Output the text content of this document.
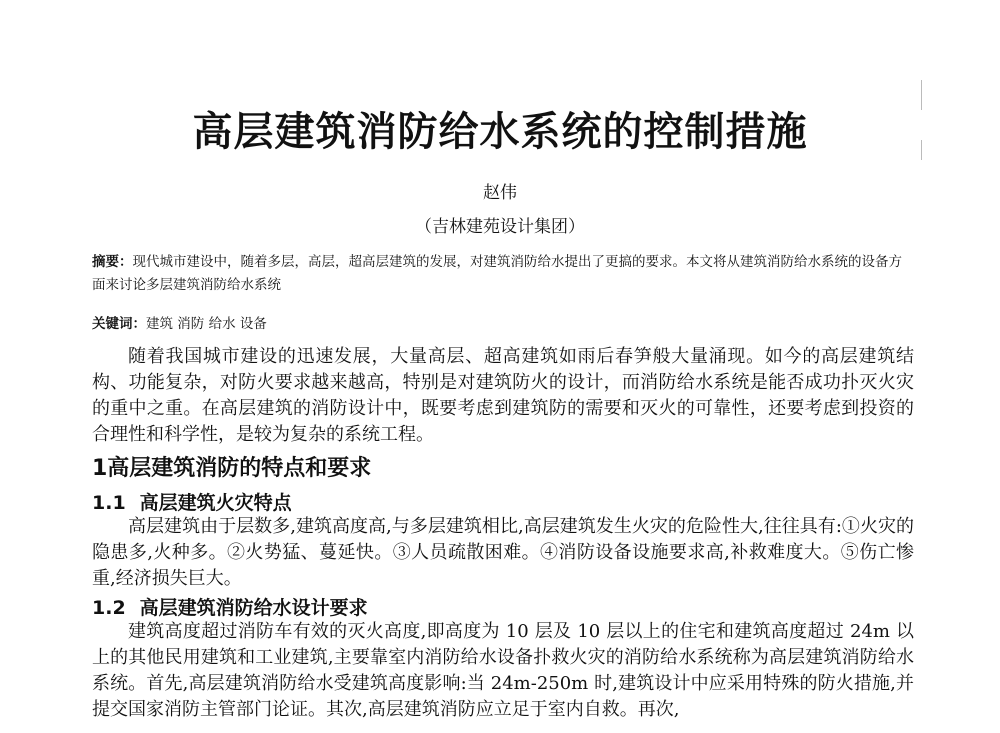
高层建筑消防给水系统的控制措施
赵伟
（吉林建苑设计集团）
摘要：现代城市建设中，随着多层，高层，超高层建筑的发展，对建筑消防给水提出了更搞的要求。本文将从建筑消防给水系统的设备方面来讨论多层建筑消防给水系统
关键词：建筑 消防 给水 设备
随着我国城市建设的迅速发展，大量高层、超高建筑如雨后春笋般大量涌现。如今的高层建筑结构、功能复杂，对防火要求越来越高，特别是对建筑防火的设计，而消防给水系统是能否成功扑灭火灾的重中之重。在高层建筑的消防设计中，既要考虑到建筑防的需要和灭火的可靠性，还要考虑到投资的合理性和科学性，是较为复杂的系统工程。
1高层建筑消防的特点和要求
1.1 高层建筑火灾特点
高层建筑由于层数多,建筑高度高,与多层建筑相比,高层建筑发生火灾的危险性大,往往具有:①火灾的隐患多,火种多。②火势猛、蔓延快。③人员疏散困难。④消防设备设施要求高,补救难度大。⑤伤亡惨重,经济损失巨大。
1.2 高层建筑消防给水设计要求
建筑高度超过消防车有效的灭火高度,即高度为 10 层及 10 层以上的住宅和建筑高度超过 24m 以上的其他民用建筑和工业建筑,主要靠室内消防给水设备扑救火灾的消防给水系统称为高层建筑消防给水系统。首先,高层建筑消防给水受建筑高度影响:当 24m-250m 时,建筑设计中应采用特殊的防火措施,并提交国家消防主管部门论证。其次,高层建筑消防应立足于室内自救。再次,
